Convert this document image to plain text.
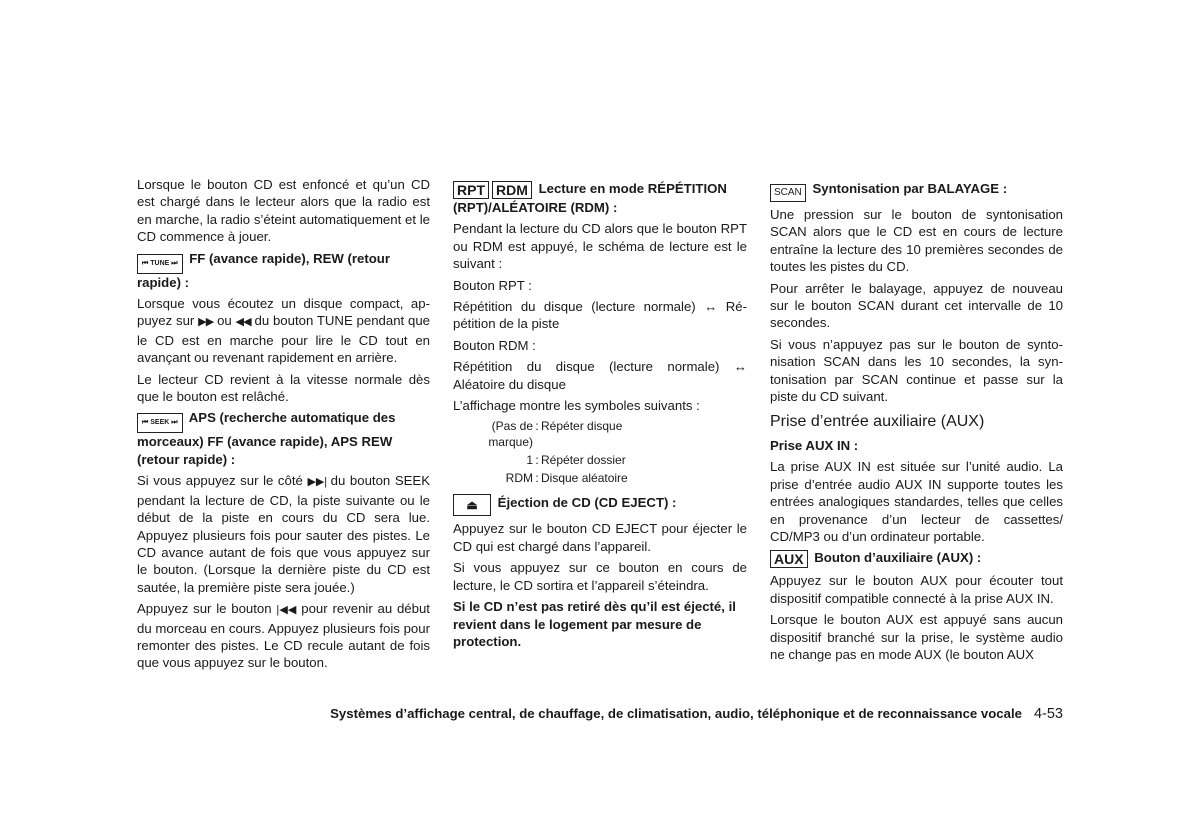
Lorsque le bouton CD est enfoncé et qu’un CD est chargé dans le lecteur alors que la radio est en marche, la radio s’éteint automatiquement et le CD commence à jouer.

⏮ TUNE ⏭ FF (avance rapide), REW (retour rapide) :

Lorsque vous écoutez un disque compact, appuyez sur ▶▶ ou ◀◀ du bouton TUNE pendant que le CD est en marche pour lire le CD tout en avançant ou revenant rapidement en arrière.

Le lecteur CD revient à la vitesse normale dès que le bouton est relâché.

⏮ SEEK ⏭ APS (recherche automatique des morceaux) FF (avance rapide), APS REW (retour rapide) :

Si vous appuyez sur le côté ▶▶| du bouton SEEK pendant la lecture de CD, la piste suivante ou le début de la piste en cours du CD sera lue. Appuyez plusieurs fois pour sauter des pistes. Le CD avance autant de fois que vous appuyez sur le bouton. (Lorsque la dernière piste du CD est sautée, la première piste sera jouée.)

Appuyez sur le bouton |◀◀ pour revenir au début du morceau en cours. Appuyez plusieurs fois pour remonter des pistes. Le CD recule autant de fois que vous appuyez sur le bouton.

RPT RDM Lecture en mode RÉPÉTITION (RPT)/ALÉATOIRE (RDM) :

Pendant la lecture du CD alors que le bouton RPT ou RDM est appuyé, le schéma de lecture est le suivant :

Bouton RPT :

Répétition du disque (lecture normale) ↔ Répétition de la piste

Bouton RDM :

Répétition du disque (lecture normale) ↔ Aléatoire du disque

L’affichage montre les symboles suivants :

(Pas de marque)
: Répéter disque
1 : Répéter dossier
RDM : Disque aléatoire
⏏ Éjection de CD (CD EJECT) :

Appuyez sur le bouton CD EJECT pour éjecter le CD qui est chargé dans l’appareil.

Si vous appuyez sur ce bouton en cours de lecture, le CD sortira et l’appareil s’éteindra.

Si le CD n’est pas retiré dès qu’il est éjecté, il revient dans le logement par mesure de protection.

SCAN Syntonisation par BALAYAGE :

Une pression sur le bouton de syntonisation SCAN alors que le CD est en cours de lecture entraîne la lecture des 10 premières secondes de toutes les pistes du CD.

Pour arrêter le balayage, appuyez de nouveau sur le bouton SCAN durant cet intervalle de 10 secondes.

Si vous n’appuyez pas sur le bouton de syntonisation SCAN dans les 10 secondes, la syntonisation par SCAN continue et passe sur la piste du CD suivant.

Prise d’entrée auxiliaire (AUX)
Prise AUX IN :

La prise AUX IN est située sur l’unité audio. La prise d’entrée audio AUX IN supporte toutes les entrées analogiques standardes, telles que celles en provenance d’un lecteur de cassettes/ CD/MP3 ou d’un ordinateur portable.

AUX Bouton d’auxiliaire (AUX) :

Appuyez sur le bouton AUX pour écouter tout dispositif compatible connecté à la prise AUX IN.

Lorsque le bouton AUX est appuyé sans aucun dispositif branché sur la prise, le système audio ne change pas en mode AUX (le bouton AUX

Systèmes d’affichage central, de chauffage, de climatisation, audio, téléphonique et de reconnaissance vocale 4-53
